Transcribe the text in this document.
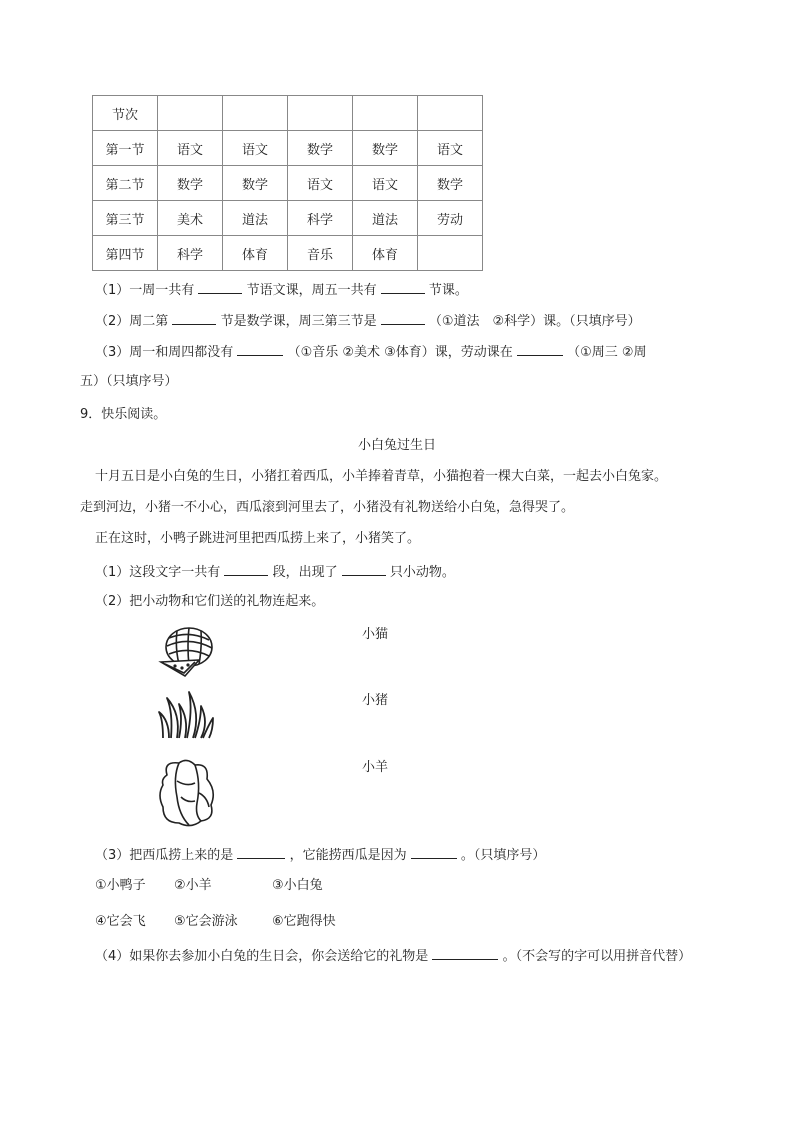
节次					
第一节	语文	语文	数学	数学	语文
第二节	数学	数学	语文	语文	数学
第三节	美术	道法	科学	道法	劳动
第四节	科学	体育	音乐	体育	
（1）一周一共有	节语文课，周五一共有	节课。
（2）周二第	节是数学课，周三第三节是	（①道法　②科学）课。（只填序号）
（3）周一和周四都没有	（①音乐 ②美术 ③体育）课，劳动课在	（①周三 ②周
五）（只填序号）
9．快乐阅读。
小白兔过生日
十月五日是小白兔的生日，小猪扛着西瓜，小羊捧着青草，小猫抱着一棵大白菜，一起去小白兔家。
走到河边，小猪一不小心，西瓜滚到河里去了，小猪没有礼物送给小白兔，急得哭了。
正在这时，小鸭子跳进河里把西瓜捞上来了，小猪笑了。
（1）这段文字一共有	段，出现了	只小动物。
（2）把小动物和它们送的礼物连起来。
小猫
小猪
小羊
（3）把西瓜捞上来的是	，它能捞西瓜是因为	。（只填序号）
①小鸭子 ②小羊	③小白兔
④它会飞 ⑤它会游泳	⑥它跑得快
（4）如果你去参加小白兔的生日会，你会送给它的礼物是	。（不会写的字可以用拼音代替）
